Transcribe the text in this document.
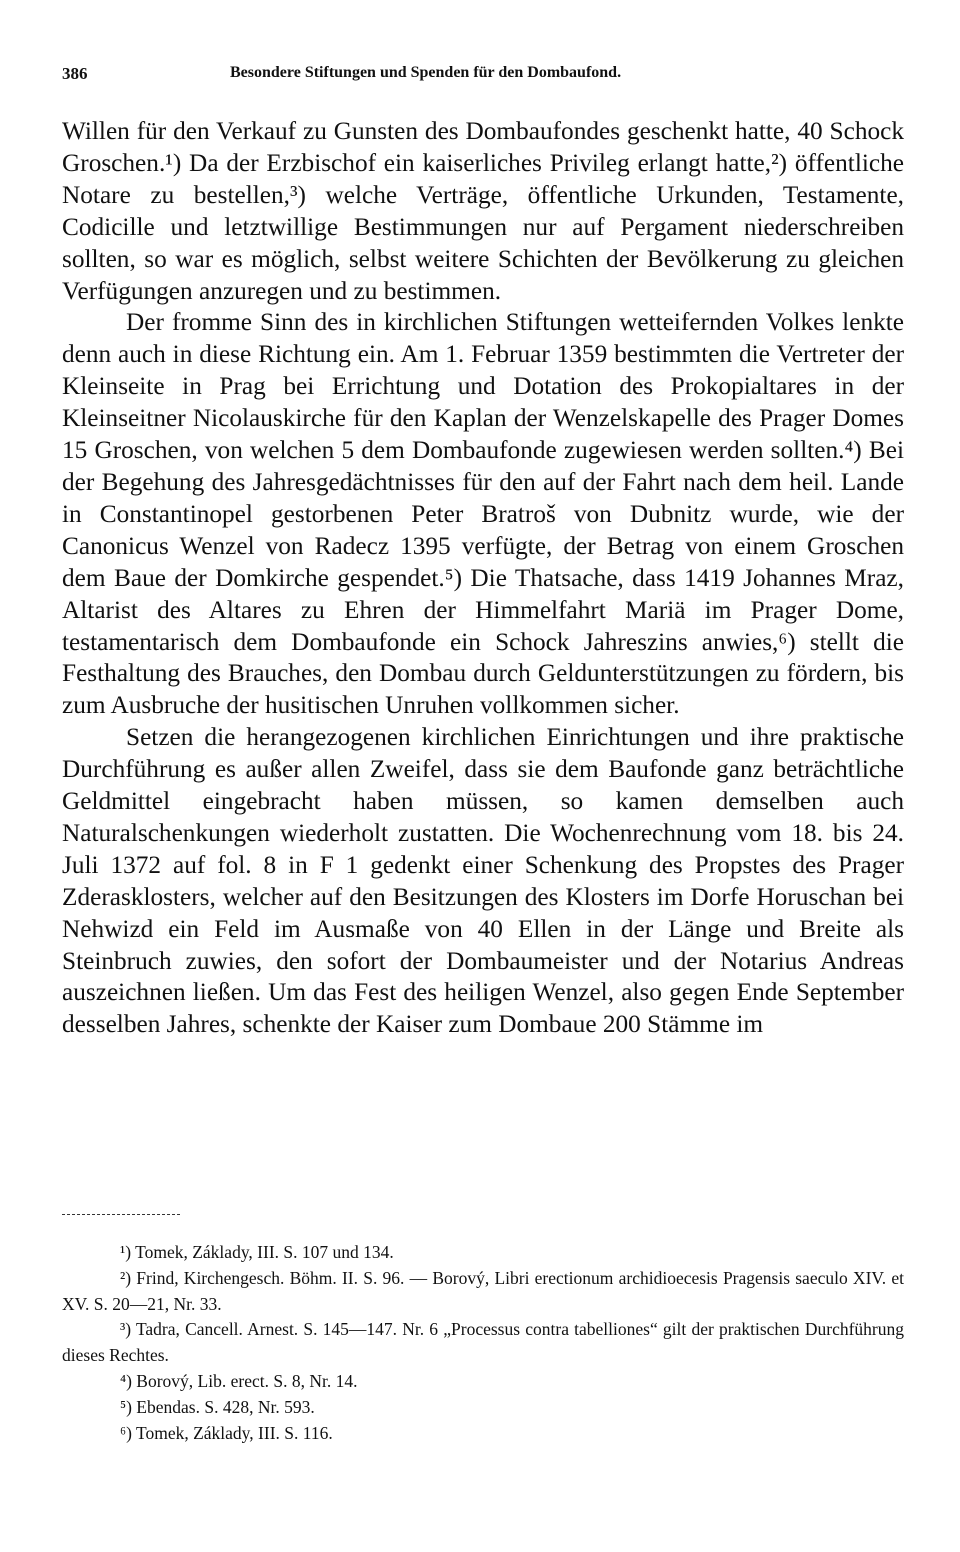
386	Besondere Stiftungen und Spenden für den Dombaufond.

Willen für den Verkauf zu Gunsten des Dombaufondes geschenkt hatte, 40 Schock Groschen.¹) Da der Erzbischof ein kaiserliches Privileg erlangt hatte,²) öffentliche Notare zu bestellen,³) welche Verträge, öffentliche Urkunden, Testamente, Codicille und letztwillige Bestimmungen nur auf Pergament niederschreiben sollten, so war es möglich, selbst weitere Schichten der Bevölkerung zu gleichen Verfügungen anzuregen und zu bestimmen.

Der fromme Sinn des in kirchlichen Stiftungen wetteifernden Volkes lenkte denn auch in diese Richtung ein. Am 1. Februar 1359 bestimmten die Vertreter der Kleinseite in Prag bei Errichtung und Dotation des Prokopialtares in der Kleinseitner Nicolauskirche für den Kaplan der Wenzelskapelle des Prager Domes 15 Groschen, von welchen 5 dem Dombaufonde zugewiesen werden sollten.⁴) Bei der Begehung des Jahresgedächtnisses für den auf der Fahrt nach dem heil. Lande in Constantinopel gestorbenen Peter Bratroš von Dubnitz wurde, wie der Canonicus Wenzel von Radecz 1395 verfügte, der Betrag von einem Groschen dem Baue der Domkirche gespendet.⁵) Die Thatsache, dass 1419 Johannes Mraz, Altarist des Altares zu Ehren der Himmelfahrt Mariä im Prager Dome, testamentarisch dem Dombaufonde ein Schock Jahreszins anwies,⁶) stellt die Festhaltung des Brauches, den Dombau durch Geldunterstützungen zu fördern, bis zum Ausbruche der husitischen Unruhen vollkommen sicher.

Setzen die herangezogenen kirchlichen Einrichtungen und ihre praktische Durchführung es außer allen Zweifel, dass sie dem Baufonde ganz beträchtliche Geldmittel eingebracht haben müssen, so kamen demselben auch Naturalschenkungen wiederholt zustatten. Die Wochenrechnung vom 18. bis 24. Juli 1372 auf fol. 8 in F 1 gedenkt einer Schenkung des Propstes des Prager Zderasklosters, welcher auf den Besitzungen des Klosters im Dorfe Horuschan bei Nehwizd ein Feld im Ausmaße von 40 Ellen in der Länge und Breite als Steinbruch zuwies, den sofort der Dombaumeister und der Notarius Andreas auszeichnen ließen. Um das Fest des heiligen Wenzel, also gegen Ende September desselben Jahres, schenkte der Kaiser zum Dombaue 200 Stämme im

¹) Tomek, Základy, III. S. 107 und 134.

²) Frind, Kirchengesch. Böhm. II. S. 96. — Borový, Libri erectionum archidioecesis Pragensis saeculo XIV. et XV. S. 20—21, Nr. 33.

³) Tadra, Cancell. Arnest. S. 145—147. Nr. 6 „Processus contra tabelliones“ gilt der praktischen Durchführung dieses Rechtes.

⁴) Borový, Lib. erect. S. 8, Nr. 14.

⁵) Ebendas. S. 428, Nr. 593.

⁶) Tomek, Základy, III. S. 116.
